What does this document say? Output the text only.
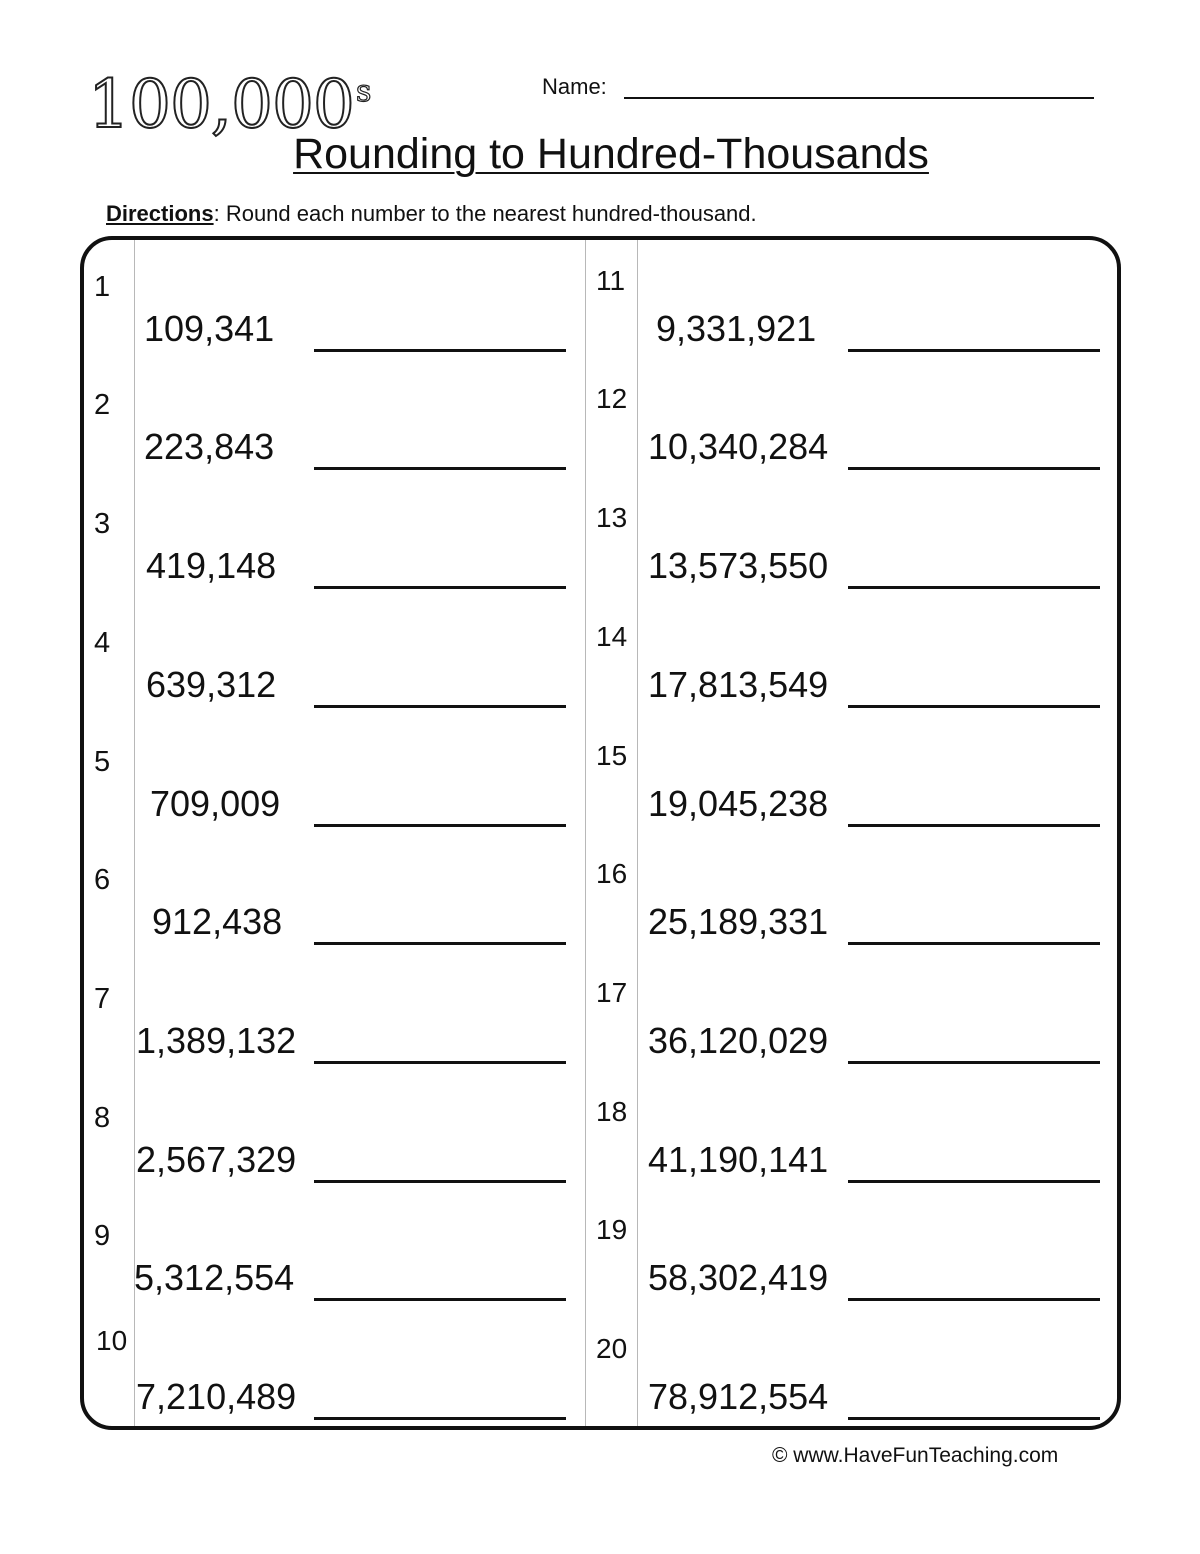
100,000$^s$	Name:
Rounding to Hundred-Thousands
Directions: Round each number to the nearest hundred-thousand.
1
109,341
2
223,843
3
419,148
4
639,312
5
709,009
6
912,438
7
1,389,132
8
2,567,329
9
5,312,554
10
7,210,489
11
9,331,921
12
10,340,284
13
13,573,550
14
17,813,549
15
19,045,238
16
25,189,331
17
36,120,029
18
41,190,141
19
58,302,419
20
78,912,554
© www.HaveFunTeaching.com
